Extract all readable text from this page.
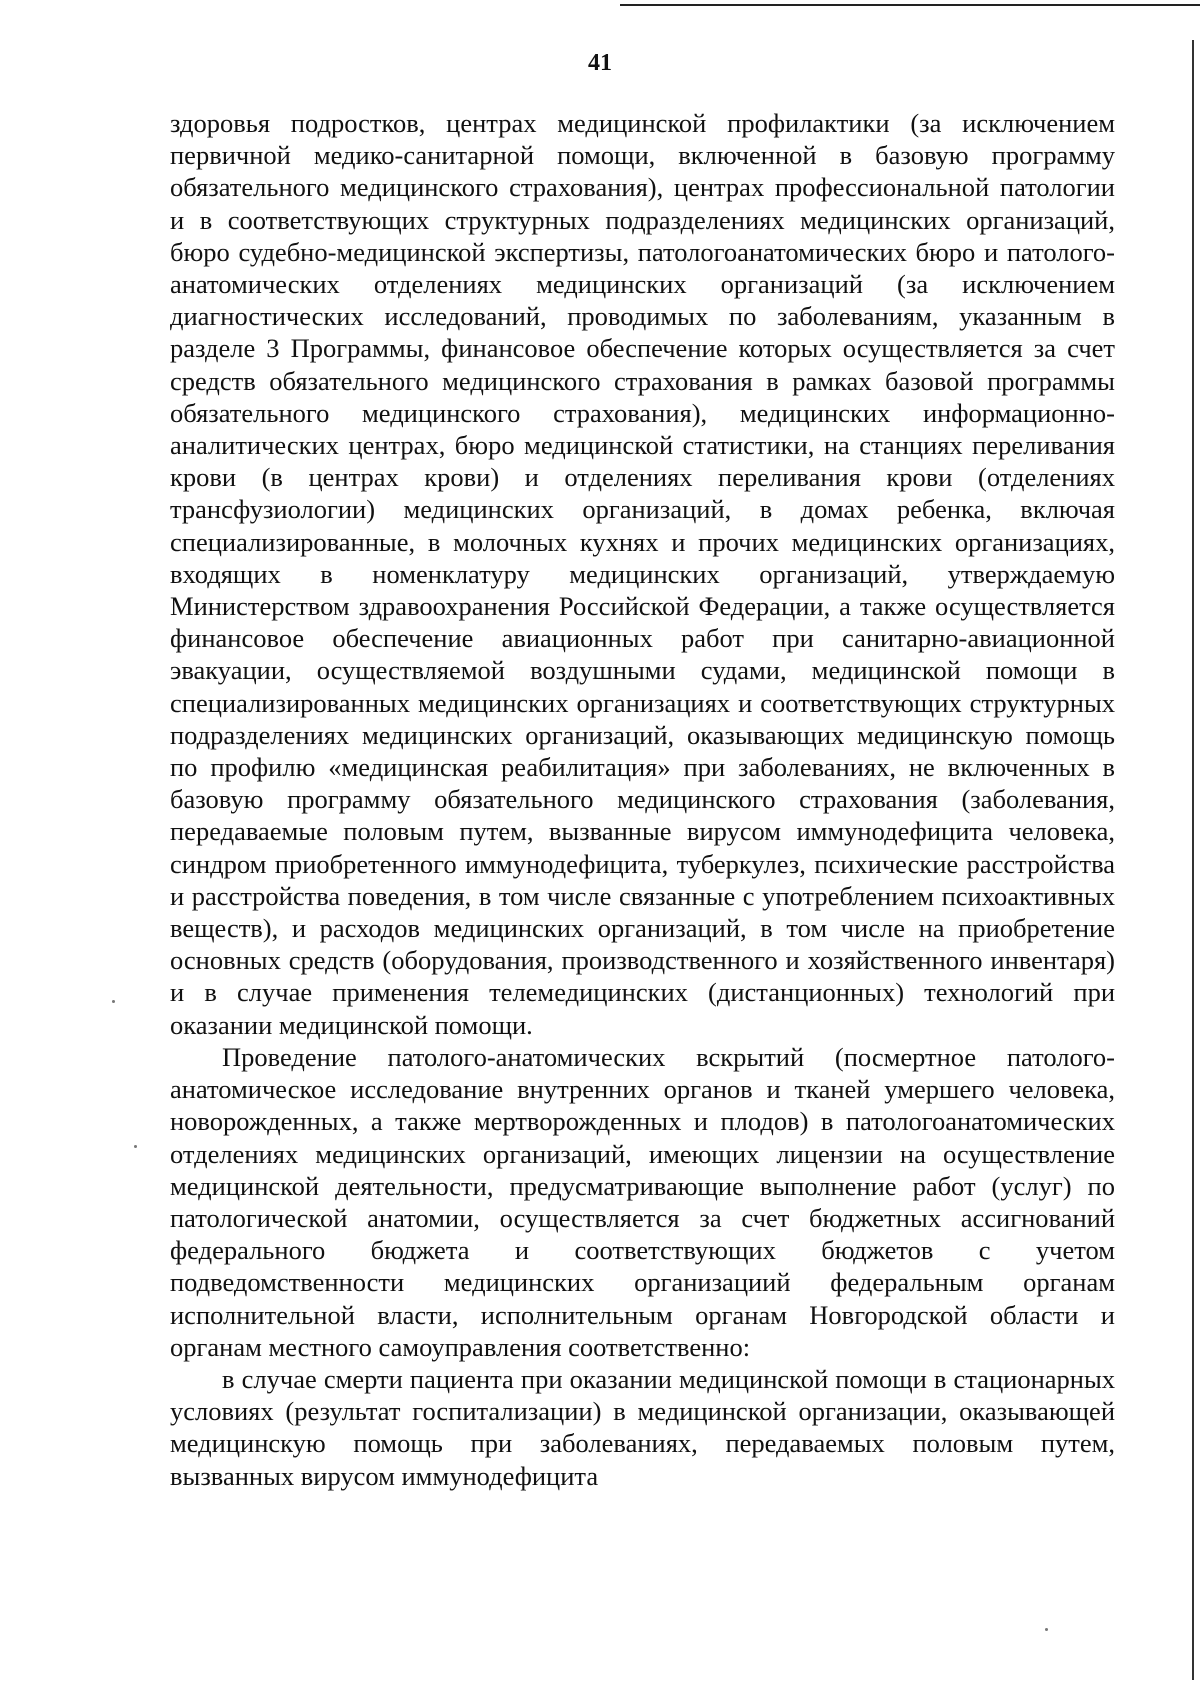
41

здоровья подростков, центрах медицинской профилактики (за исключением первичной медико-санитарной помощи, включенной в базовую программу обязательного медицинского страхования), центрах профессиональной патологии и в соответствующих структурных подразделениях медицинских организаций, бюро судебно-медицинской экспертизы, патологоанатомических бюро и патолого-анатомических отделениях медицинских организаций (за исключением диагностических исследований, проводимых по заболеваниям, указанным в разделе 3 Программы, финансовое обеспечение которых осуществляется за счет средств обязательного медицинского страхования в рамках базовой программы обязательного медицинского страхования), медицинских информационно-аналитических центрах, бюро медицинской статистики, на станциях переливания крови (в центрах крови) и отделениях переливания крови (отделениях трансфузиологии) медицинских организаций, в домах ребенка, включая специализированные, в молочных кухнях и прочих медицинских организациях, входящих в номенклатуру медицинских организаций, утверждаемую Министерством здравоохранения Российской Федерации, а также осуществляется финансовое обеспечение авиационных работ при санитарно-авиационной эвакуации, осуществляемой воздушными судами, медицинской помощи в специализированных медицинских организациях и соответствующих структурных подразделениях медицинских организаций, оказывающих медицинскую помощь по профилю «медицинская реабилитация» при заболеваниях, не включенных в базовую программу обязательного медицинского страхования (заболевания, передаваемые половым путем, вызванные вирусом иммунодефицита человека, синдром приобретенного иммунодефицита, туберкулез, психические расстройства и расстройства поведения, в том числе связанные с употреблением психоактивных веществ), и расходов медицинских организаций, в том числе на приобретение основных средств (оборудования, производственного и хозяйственного инвентаря) и в случае применения телемедицинских (дистанционных) технологий при оказании медицинской помощи.

Проведение патолого-анатомических вскрытий (посмертное патолого-анатомическое исследование внутренних органов и тканей умершего человека, новорожденных, а также мертворожденных и плодов) в патологоанатомических отделениях медицинских организаций, имеющих лицензии на осуществление медицинской деятельности, предусматривающие выполнение работ (услуг) по патологической анатомии, осуществляется за счет бюджетных ассигнований федерального бюджета и соответствующих бюджетов с учетом подведомственности медицинских организациий федеральным органам исполнительной власти, исполнительным органам Новгородской области и органам местного самоуправления соответственно:

в случае смерти пациента при оказании медицинской помощи в стационарных условиях (результат госпитализации) в медицинской организации, оказывающей медицинскую помощь при заболеваниях, передаваемых половым путем, вызванных вирусом иммунодефицита
